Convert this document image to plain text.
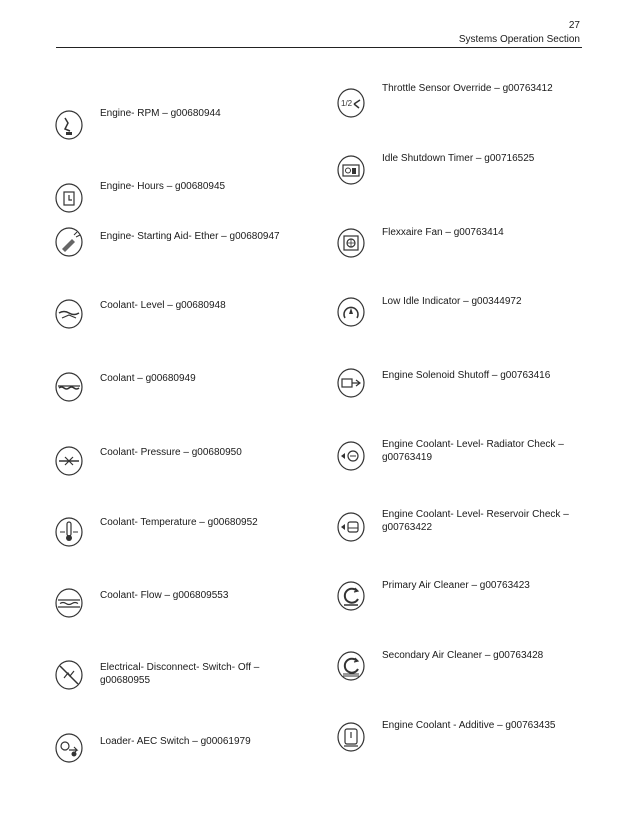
27
Systems Operation Section
Engine- RPM – g00680944
Engine- Hours – g00680945
Engine- Starting Aid- Ether – g00680947
Coolant- Level – g00680948
Coolant – g00680949
Coolant- Pressure – g00680950
Coolant- Temperature – g00680952
Coolant- Flow – g006809553
Electrical- Disconnect- Switch- Off – g00680955
Loader- AEC Switch – g00061979
1/2
Throttle Sensor Override – g00763412
Idle Shutdown Timer – g00716525
Flexxaire Fan – g00763414
Low Idle Indicator – g00344972
Engine Solenoid Shutoff – g00763416
Engine Coolant- Level- Radiator Check – g00763419
Engine Coolant- Level- Reservoir Check – g00763422
Primary Air Cleaner – g00763423
Secondary Air Cleaner – g00763428
Engine Coolant - Additive – g00763435
